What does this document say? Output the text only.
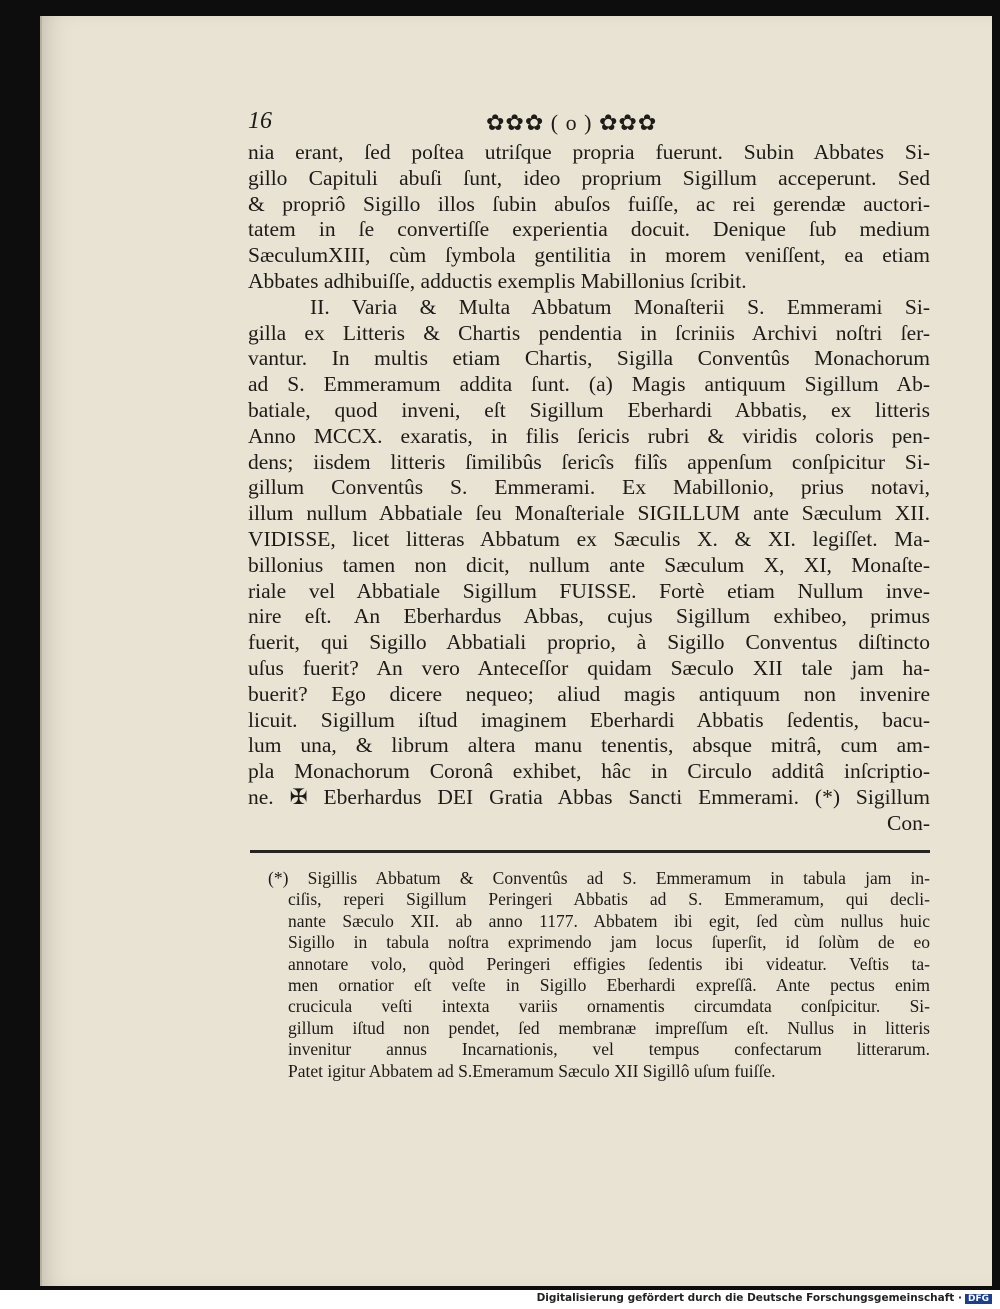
16	✿✿✿ ( o ) ✿✿✿
nia erant, ſed poſtea utriſque propria fuerunt. Subin Abbates Si-
gillo Capituli abuſi ſunt, ideo proprium Sigillum acceperunt. Sed
& propriô Sigillo illos ſubin abuſos fuiſſe, ac rei gerendæ auctori-
tatem in ſe convertiſſe experientia docuit. Denique ſub medium
SæculumXIII, cùm ſymbola gentilitia in morem veniſſent, ea etiam
Abbates adhibuiſſe, adductis exemplis Mabillonius ſcribit.
II. Varia & Multa Abbatum Monaſterii S. Emmerami Si-
gilla ex Litteris & Chartis pendentia in ſcriniis Archivi noſtri ſer-
vantur. In multis etiam Chartis, Sigilla Conventûs Monachorum
ad S. Emmeramum addita ſunt. (a) Magis antiquum Sigillum Ab-
batiale, quod inveni, eſt Sigillum Eberhardi Abbatis, ex litteris
Anno MCCX. exaratis, in filis ſericis rubri & viridis coloris pen-
dens; iisdem litteris ſimilibûs ſericîs filîs appenſum conſpicitur Si-
gillum Conventûs S. Emmerami. Ex Mabillonio, prius notavi,
illum nullum Abbatiale ſeu Monaſteriale SIGILLUM ante Sæculum XII.
VIDISSE, licet litteras Abbatum ex Sæculis X. & XI. legiſſet. Ma-
billonius tamen non dicit, nullum ante Sæculum X, XI, Monaſte-
riale vel Abbatiale Sigillum FUISSE. Fortè etiam Nullum inve-
nire eſt. An Eberhardus Abbas, cujus Sigillum exhibeo, primus
fuerit, qui Sigillo Abbatiali proprio, à Sigillo Conventus diſtincto
uſus fuerit? An vero Anteceſſor quidam Sæculo XII tale jam ha-
buerit? Ego dicere nequeo; aliud magis antiquum non invenire
licuit. Sigillum iſtud imaginem Eberhardi Abbatis ſedentis, bacu-
lum una, & librum altera manu tenentis, absque mitrâ, cum am-
pla Monachorum Coronâ exhibet, hâc in Circulo additâ inſcriptio-
ne. ✠ Eberhardus DEI Gratia Abbas Sancti Emmerami. (*) Sigillum
Con-
(*) Sigillis Abbatum & Conventûs ad S. Emmeramum in tabula jam in-
ciſis, reperi Sigillum Peringeri Abbatis ad S. Emmeramum, qui decli-
nante Sæculo XII. ab anno 1177. Abbatem ibi egit, ſed cùm nullus huic
Sigillo in tabula noſtra exprimendo jam locus ſuperſit, id ſolùm de eo
annotare volo, quòd Peringeri effigies ſedentis ibi videatur. Veſtis ta-
men ornatior eſt veſte in Sigillo Eberhardi expreſſâ. Ante pectus enim
crucicula veſti intexta variis ornamentis circumdata conſpicitur. Si-
gillum iſtud non pendet, ſed membranæ impreſſum eſt. Nullus in litteris
invenitur annus Incarnationis, vel tempus confectarum litterarum.
Patet igitur Abbatem ad S.Emeramum Sæculo XII Sigillô uſum fuiſſe.
Digitalisierung gefördert durch die Deutsche Forschungsgemeinschaft · DFG
